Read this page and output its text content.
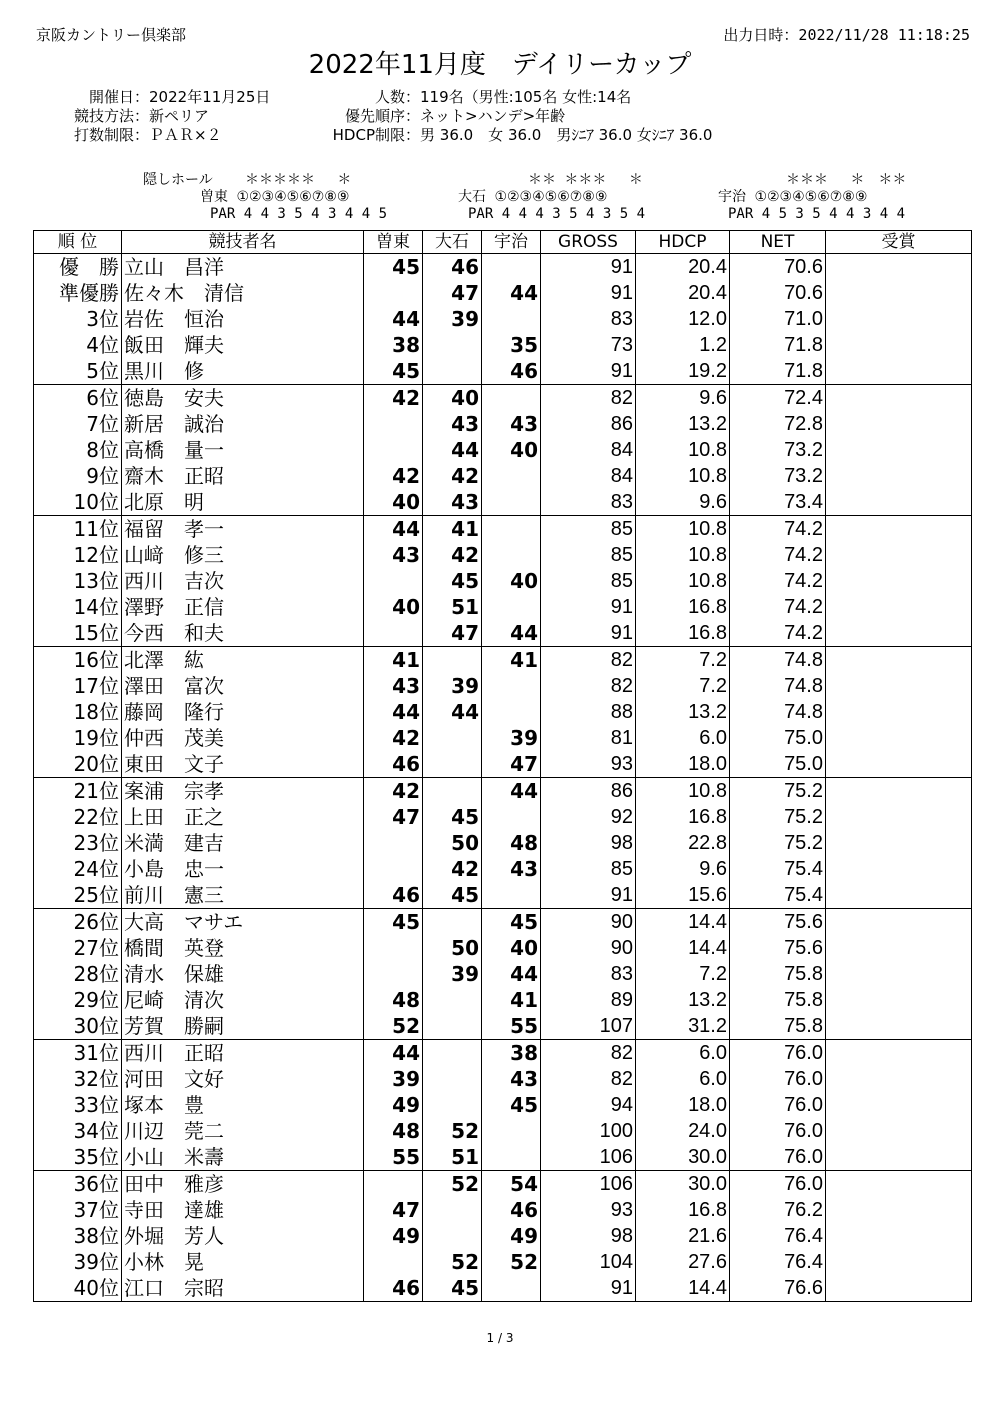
京阪カントリー倶楽部	出力日時：2022/11/28 11:18:25
2022年11月度　デイリーカップ
開催日：2022年11月25日
競技方法：新ペリア
打数制限：ＰＡＲ×２
人数：119名（男性:105名 女性:14名
優先順序：ネット>ハンデ>年齢
HDCP制限：男 36.0　女 36.0　男ｼﾆｱ 36.0 女ｼﾆｱ 36.0
隠しホール ＊＊＊＊＊ 　＊
曽東 ①②③④⑤⑥⑦⑧⑨
PAR 4 4 3 5 4 3 4 4 5
　　＊＊ ＊＊＊ 　＊
大石 ①②③④⑤⑥⑦⑧⑨
PAR 4 4 4 3 5 4 3 5 4
　　＊＊＊　 ＊　＊＊
宇治 ①②③④⑤⑥⑦⑧⑨
PAR 4 5 3 5 4 4 3 4 4
順 位	競技者名	曽東	大石	宇治	GROSS	HDCP	NET	受賞
優　勝	立山　昌洋	45	46		91	20.4	70.6	
準優勝	佐々木　清信		47	44	91	20.4	70.6	
3位	岩佐　恒治	44	39		83	12.0	71.0	
4位	飯田　輝夫	38		35	73	1.2	71.8	
5位	黒川　修	45		46	91	19.2	71.8	
6位	徳島　安夫	42	40		82	9.6	72.4	
7位	新居　誠治		43	43	86	13.2	72.8	
8位	高橋　量一		44	40	84	10.8	73.2	
9位	齋木　正昭	42	42		84	10.8	73.2	
10位	北原　明	40	43		83	9.6	73.4	
11位	福留　孝一	44	41		85	10.8	74.2	
12位	山﨑　修三	43	42		85	10.8	74.2	
13位	西川　吉次		45	40	85	10.8	74.2	
14位	澤野　正信	40	51		91	16.8	74.2	
15位	今西　和夫		47	44	91	16.8	74.2	
16位	北澤　紘	41		41	82	7.2	74.8	
17位	澤田　富次	43	39		82	7.2	74.8	
18位	藤岡　隆行	44	44		88	13.2	74.8	
19位	仲西　茂美	42		39	81	6.0	75.0	
20位	東田　文子	46		47	93	18.0	75.0	
21位	案浦　宗孝	42		44	86	10.8	75.2	
22位	上田　正之	47	45		92	16.8	75.2	
23位	米満　建吉		50	48	98	22.8	75.2	
24位	小島　忠一		42	43	85	9.6	75.4	
25位	前川　憲三	46	45		91	15.6	75.4	
26位	大高　マサエ	45		45	90	14.4	75.6	
27位	橋間　英登		50	40	90	14.4	75.6	
28位	清水　保雄		39	44	83	7.2	75.8	
29位	尼崎　清次	48		41	89	13.2	75.8	
30位	芳賀　勝嗣	52		55	107	31.2	75.8	
31位	西川　正昭	44		38	82	6.0	76.0	
32位	河田　文好	39		43	82	6.0	76.0	
33位	塚本　豊	49		45	94	18.0	76.0	
34位	川辺　莞二	48	52		100	24.0	76.0	
35位	小山　米壽	55	51		106	30.0	76.0	
36位	田中　雅彦		52	54	106	30.0	76.0	
37位	寺田　達雄	47		46	93	16.8	76.2	
38位	外堀　芳人	49		49	98	21.6	76.4	
39位	小林　晃		52	52	104	27.6	76.4	
40位	江口　宗昭	46	45		91	14.4	76.6	
1 / 3
